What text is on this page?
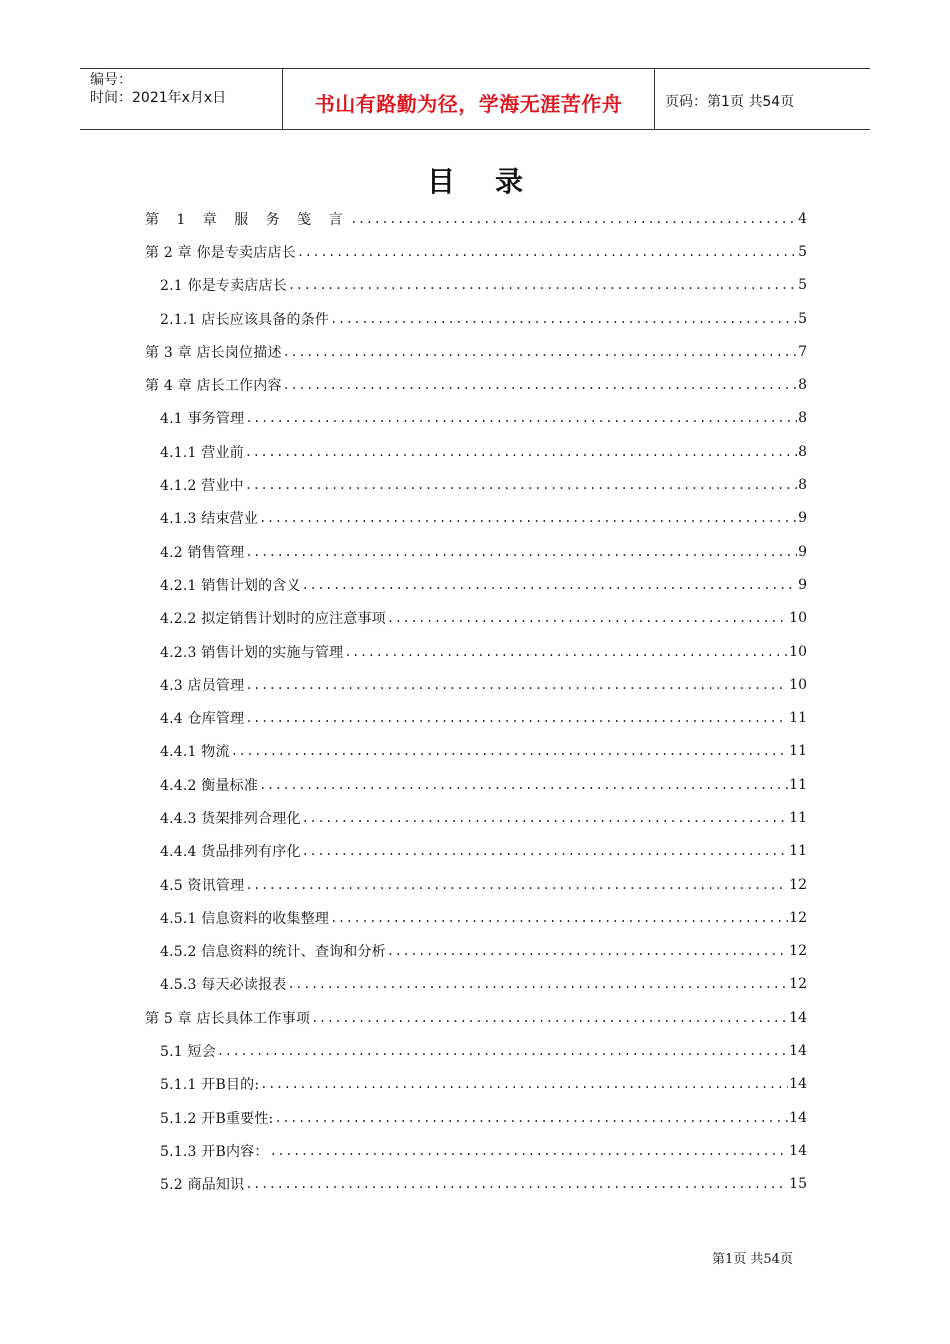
编号：
时间：2021年x月x日	书山有路勤为径，学海无涯苦作舟	页码：第1页 共54页
目 录
第 1 章 服 务 笺 言 .....	4
第 2 章 你是专卖店店长 .....	5
2.1 你是专卖店店长 .....	5
2.1.1 店长应该具备的条件 .....	5
第 3 章 店长岗位描述 .....	7
第 4 章 店长工作内容 .....	8
4.1 事务管理 .....	8
4.1.1 营业前 .....	8
4.1.2 营业中 .....	8
4.1.3 结束营业 .....	9
4.2 销售管理 .....	9
4.2.1 销售计划的含义 .....	9
4.2.2 拟定销售计划时的应注意事项 .....	10
4.2.3 销售计划的实施与管理 .....	10
4.3 店员管理 .....	10
4.4 仓库管理 .....	11
4.4.1 物流 .....	11
4.4.2 衡量标准 .....	11
4.4.3 货架排列合理化 .....	11
4.4.4 货品排列有序化 .....	11
4.5 资讯管理 .....	12
4.5.1 信息资料的收集整理 .....	12
4.5.2 信息资料的统计、查询和分析 .....	12
4.5.3 每天必读报表 .....	12
第 5 章 店长具体工作事项 .....	14
5.1 短会 .....	14
5.1.1 开B目的: .....	14
5.1.2 开B重要性: .....	14
5.1.3 开B内容： .....	14
5.2 商品知识 .....	15
第1页 共54页
